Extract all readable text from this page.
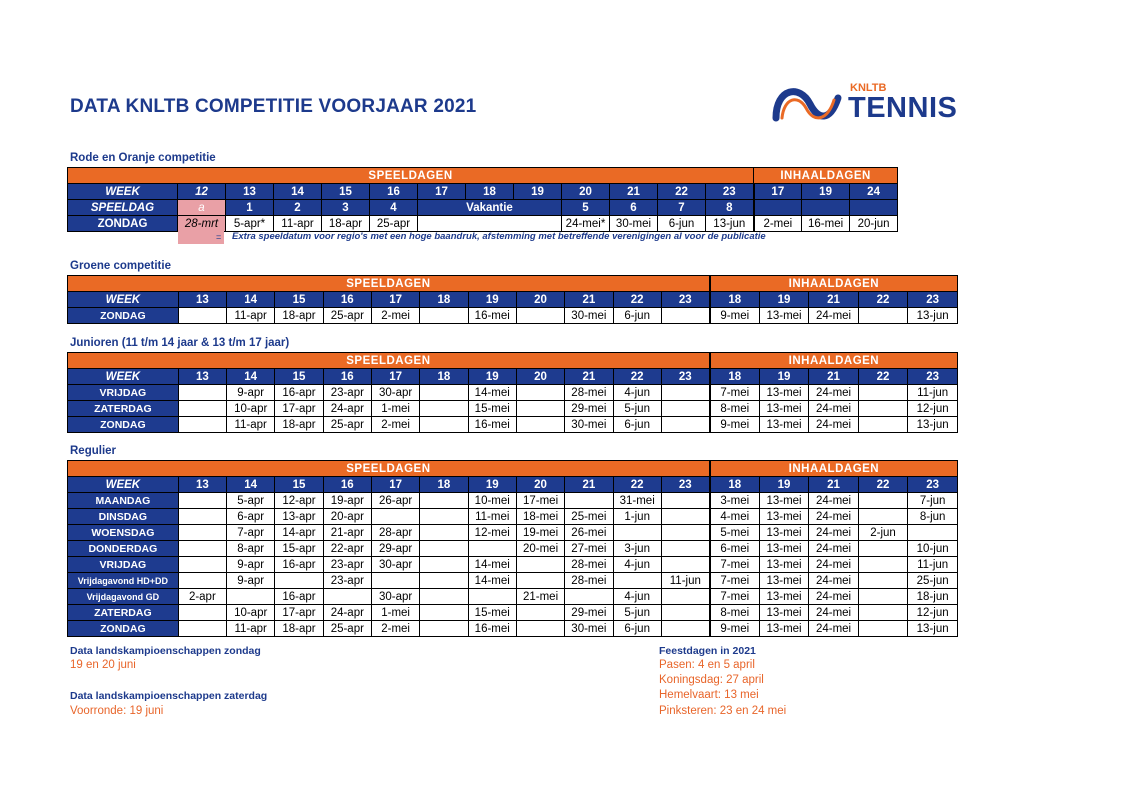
DATA KNLTB COMPETITIE VOORJAAR 2021
KNLTB
TENNIS
Rode en Oranje competitie
SPEELDAGEN													INHAALDAGEN		
WEEK	12	13	14	15	16	17	18	19	20	21	22	23	17	19	24
SPEELDAG	a	1	2	3	4	Vakantie			5	6	7	8			
ZONDAG	28-mrt	5-apr*	11-apr	18-apr	25-apr				24-mei*	30-mei	6-jun	13-jun	2-mei	16-mei	20-jun
= Extra speeldatum voor regio's met een hoge baandruk, afstemming met betreffende verenigingen al voor de publicatie
Groene competitie
SPEELDAGEN												INHAALDAGEN				
WEEK	13	14	15	16	17	18	19	20	21	22	23	18	19	21	22	23
ZONDAG		11-apr	18-apr	25-apr	2-mei		16-mei		30-mei	6-jun		9-mei	13-mei	24-mei		13-jun
Junioren (11 t/m 14 jaar & 13 t/m 17 jaar)
SPEELDAGEN												INHAALDAGEN				
WEEK	13	14	15	16	17	18	19	20	21	22	23	18	19	21	22	23
VRIJDAG		9-apr	16-apr	23-apr	30-apr		14-mei		28-mei	4-jun		7-mei	13-mei	24-mei		11-jun
ZATERDAG		10-apr	17-apr	24-apr	1-mei		15-mei		29-mei	5-jun		8-mei	13-mei	24-mei		12-jun
ZONDAG		11-apr	18-apr	25-apr	2-mei		16-mei		30-mei	6-jun		9-mei	13-mei	24-mei		13-jun
Regulier
SPEELDAGEN												INHAALDAGEN				
WEEK	13	14	15	16	17	18	19	20	21	22	23	18	19	21	22	23
MAANDAG		5-apr	12-apr	19-apr	26-apr		10-mei	17-mei		31-mei		3-mei	13-mei	24-mei		7-jun
DINSDAG		6-apr	13-apr	20-apr			11-mei	18-mei	25-mei	1-jun		4-mei	13-mei	24-mei		8-jun
WOENSDAG		7-apr	14-apr	21-apr	28-apr		12-mei	19-mei	26-mei			5-mei	13-mei	24-mei	2-jun	
DONDERDAG		8-apr	15-apr	22-apr	29-apr			20-mei	27-mei	3-jun		6-mei	13-mei	24-mei		10-jun
VRIJDAG		9-apr	16-apr	23-apr	30-apr		14-mei		28-mei	4-jun		7-mei	13-mei	24-mei		11-jun
Vrijdagavond HD+DD		9-apr		23-apr			14-mei		28-mei		11-jun	7-mei	13-mei	24-mei		25-jun
Vrijdagavond GD	2-apr		16-apr		30-apr			21-mei		4-jun		7-mei	13-mei	24-mei		18-jun
ZATERDAG		10-apr	17-apr	24-apr	1-mei		15-mei		29-mei	5-jun		8-mei	13-mei	24-mei		12-jun
ZONDAG		11-apr	18-apr	25-apr	2-mei		16-mei		30-mei	6-jun		9-mei	13-mei	24-mei		13-jun
Data landskampioenschappen zondag
19 en 20 juni
Data landskampioenschappen zaterdag
Voorronde: 19 juni
Feestdagen in 2021
Pasen: 4 en 5 april
Koningsdag: 27 april
Hemelvaart: 13 mei
Pinksteren: 23 en 24 mei
